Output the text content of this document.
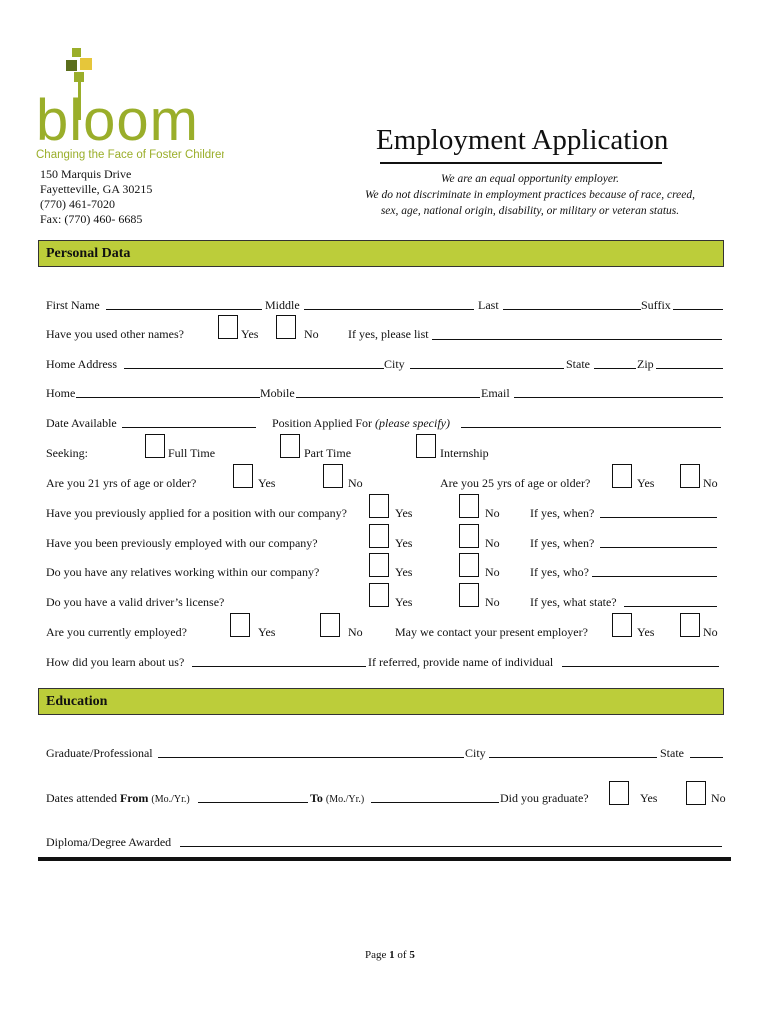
bloom
Changing the Face of Foster Children.	Employment Application
150 Marquis Drive
Fayetteville, GA 30215
(770) 461-7020
Fax: (770) 460- 6685
We are an equal opportunity employer.
We do not discriminate in employment practices because of race, creed,
sex, age, national origin, disability, or military or veteran status.
Personal Data
First Name	Middle	Last	Suffix
Have you used other names?	Yes	No If yes, please list
Home Address	City	State	Zip
Home	Mobile	Email
Date Available	Position Applied For (please specify)
Seeking:	Full Time	Part Time	Internship
Are you 21 yrs of age or older?	Yes	No	Are you 25 yrs of age or older?	Yes	No
Have you previously applied for a position with our company?	Yes	No	If yes, when?
Have you been previously employed with our company?	Yes	No	If yes, when?
Do you have any relatives working within our company?	Yes	No	If yes, who?
Do you have a valid driver’s license?	Yes	No	If yes, what state?
Are you currently employed?	Yes	No	May we contact your present employer?	Yes	No
How did you learn about us?	If referred, provide name of individual
Education
Graduate/Professional	City	State
Dates attended From (Mo./Yr.)	To (Mo./Yr.)	Did you graduate?	Yes	No
Diploma/Degree Awarded
Page 1 of 5
